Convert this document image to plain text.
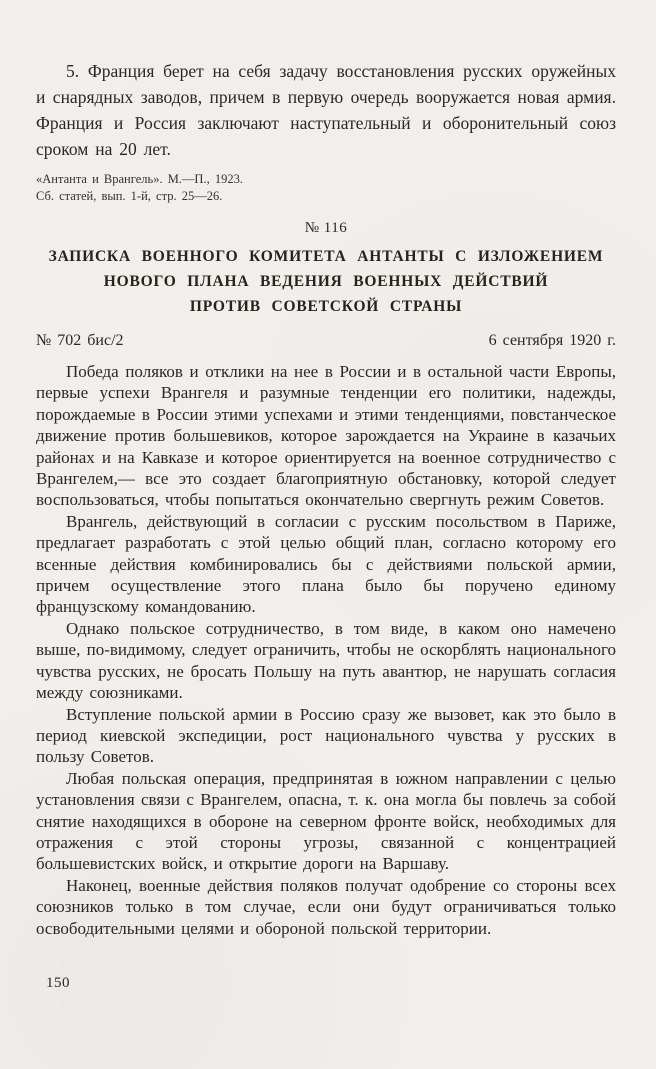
5. Франция берет на себя задачу восстановления русских оружейных и снарядных заводов, причем в первую очередь вооружается новая армия. Франция и Россия заключают наступательный и оборонительный союз сроком на 20 лет.

«Антанта и Врангель». М.—П., 1923.
Сб. статей, вып. 1-й, стр. 25—26.
№ 116
ЗАПИСКА ВОЕННОГО КОМИТЕТА АНТАНТЫ С ИЗЛОЖЕНИЕМ
НОВОГО ПЛАНА ВЕДЕНИЯ ВОЕННЫХ ДЕЙСТВИЙ
ПРОТИВ СОВЕТСКОЙ СТРАНЫ
№ 702 бис/2	6 сентября 1920 г.

Победа поляков и отклики на нее в России и в остальной части Европы, первые успехи Врангеля и разумные тенденции его политики, надежды, порождаемые в России этими успехами и этими тенденциями, повстанческое движение против большевиков, которое зарождается на Украине в казачьих районах и на Кавказе и которое ориентируется на военное сотрудничество с Врангелем,— все это создает благоприятную обстановку, которой следует воспользоваться, чтобы попытаться окончательно свергнуть режим Советов.

Врангель, действующий в согласии с русским посольством в Париже, предлагает разработать с этой целью общий план, согласно которому его всенные действия комбинировались бы с действиями польской армии, причем осуществление этого плана было бы поручено единому французскому командованию.

Однако польское сотрудничество, в том виде, в каком оно намечено выше, по-видимому, следует ограничить, чтобы не оскорблять национального чувства русских, не бросать Польшу на путь авантюр, не нарушать согласия между союзниками.

Вступление польской армии в Россию сразу же вызовет, как это было в период киевской экспедиции, рост национального чувства у русских в пользу Советов.

Любая польская операция, предпринятая в южном направлении с целью установления связи с Врангелем, опасна, т. к. она могла бы повлечь за собой снятие находящихся в обороне на северном фронте войск, необходимых для отражения с этой стороны угрозы, связанной с концентрацией большевистских войск, и открытие дороги на Варшаву.

Наконец, военные действия поляков получат одобрение со стороны всех союзников только в том случае, если они будут ограничиваться только освободительными целями и обороной польской территории.

150
